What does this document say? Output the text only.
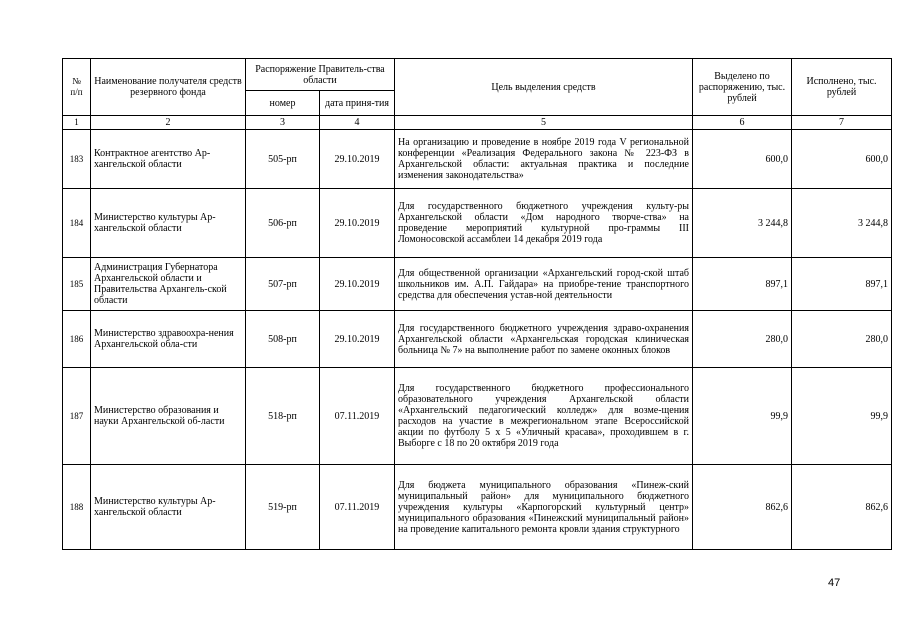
№
п/п	Наименование получателя средств резервного фонда	Распоряжение Правитель-ства области		Цель выделения средств	Выделено по распоряжению, тыс. рублей	Исполнено, тыс. рублей
		номер	дата приня-тия			
1	2	3	4	5	6	7
183	Контрактное агентство Ар-хангельской области	505-рп	29.10.2019	На организацию и проведение в ноябре 2019 года V региональной конференции «Реализация Федерального закона № 223-ФЗ в Архангельской области: актуальная практика и последние изменения законодательства»	600,0	600,0
184	Министерство культуры Ар-хангельской области	506-рп	29.10.2019	Для государственного бюджетного учреждения культу-ры Архангельской области «Дом народного творче-ства» на проведение мероприятий культурной про-граммы III Ломоносовской ассамблеи 14 декабря 2019 года	3 244,8	3 244,8
185	Администрация Губернатора Архангельской области и Правительства Архангель-ской области	507-рп	29.10.2019	Для общественной организации «Архангельский город-ской штаб школьников им. А.П. Гайдара» на приобре-тение транспортного средства для обеспечения устав-ной деятельности	897,1	897,1
186	Министерство здравоохра-нения Архангельской обла-сти	508-рп	29.10.2019	Для государственного бюджетного учреждения здраво-охранения Архангельской области «Архангельская городская клиническая больница № 7» на выполнение работ по замене оконных блоков	280,0	280,0
187	Министерство образования и науки Архангельской об-ласти	518-рп	07.11.2019	Для государственного бюджетного профессионального образовательного учреждения Архангельской области «Архангельский педагогический колледж» для возме-щения расходов на участие в межрегиональном этапе Всероссийской акции по футболу 5 х 5 «Уличный красава», проходившем в г. Выборге с 18 по 20 октября 2019 года	99,9	99,9
188	Министерство культуры Ар-хангельской области	519-рп	07.11.2019	Для бюджета муниципального образования «Пинеж-ский муниципальный район» для муниципального бюджетного учреждения культуры «Карпогорский культурный центр» муниципального образования «Пинежский муниципальный район» на проведение капитального ремонта кровли здания структурного	862,6	862,6
47
